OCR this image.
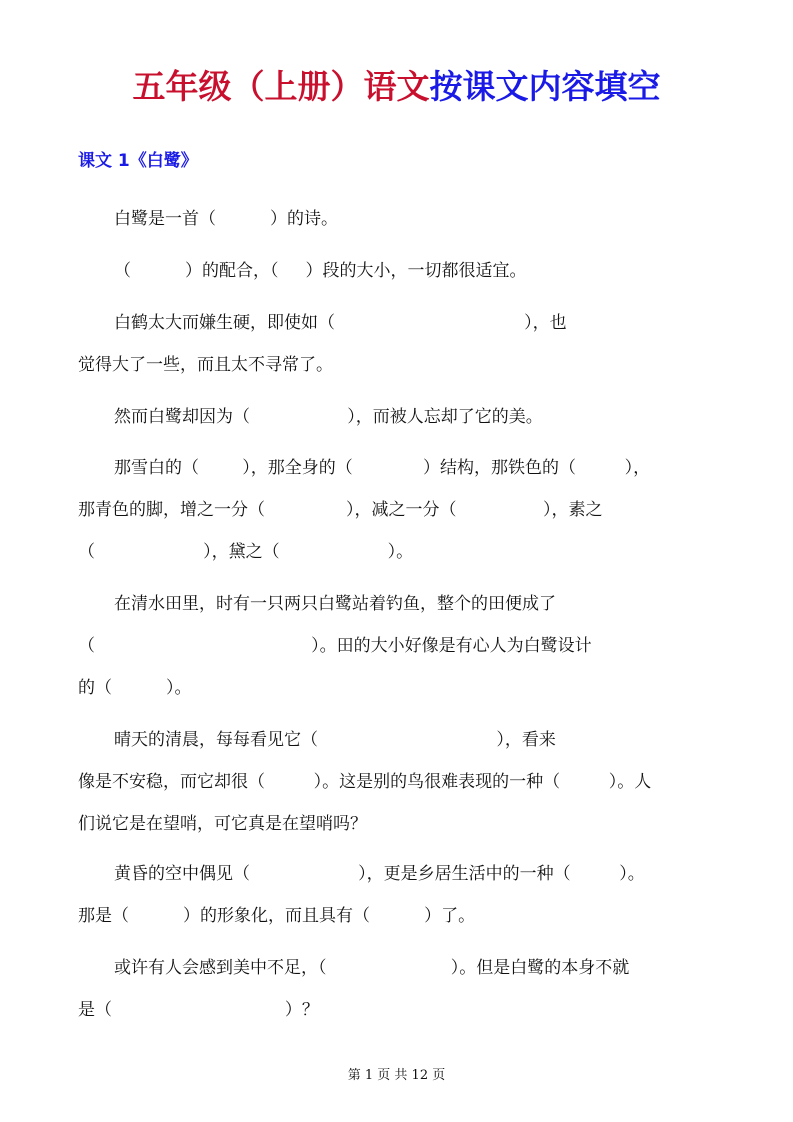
五年级（上册）语文按课文内容填空
课文 1《白鹭》
白鹭是一首（          ）的诗。
（          ）的配合，（     ）段的大小，一切都很适宜。
白鹤太大而嫌生硬，即使如（                                   ），也
觉得大了一些，而且太不寻常了。
然而白鹭却因为（                  ），而被人忘却了它的美。
那雪白的（        ），那全身的（             ）结构，那铁色的（         ），
那青色的脚，增之一分（               ），减之一分（                ），素之
（                    ），黛之（                    ）。
在清水田里，时有一只两只白鹭站着钓鱼，整个的田便成了
（                                        ）。田的大小好像是有心人为白鹭设计
的（          ）。
晴天的清晨，每每看见它（                                 ），看来
像是不安稳，而它却很（         ）。这是别的鸟很难表现的一种（         ）。人
们说它是在望哨，可它真是在望哨吗？
黄昏的空中偶见（                    ），更是乡居生活中的一种（         ）。
那是（          ）的形象化，而且具有（          ）了。
或许有人会感到美中不足，（                       ）。但是白鹭的本身不就
是（                                ）？
第 1 页 共 12 页
